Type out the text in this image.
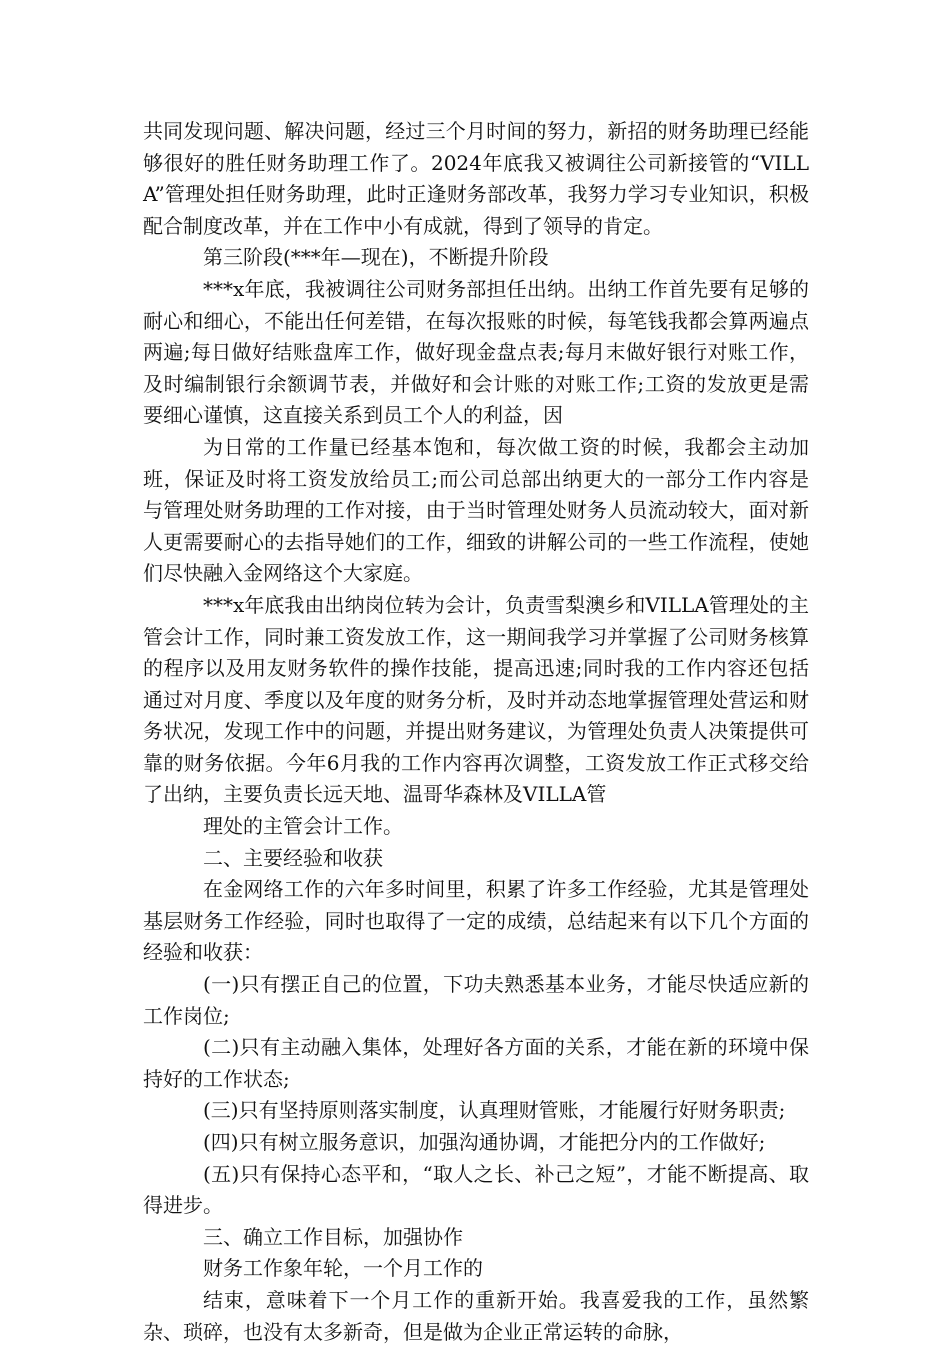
共同发现问题、解决问题，经过三个月时间的努力，新招的财务助理已经能够很好的胜任财务助理工作了。2024年底我又被调往公司新接管的“VILLA”管理处担任财务助理，此时正逢财务部改革，我努力学习专业知识，积极配合制度改革，并在工作中小有成就，得到了领导的肯定。

第三阶段(***年—现在)，不断提升阶段

***x年底，我被调往公司财务部担任出纳。出纳工作首先要有足够的耐心和细心，不能出任何差错，在每次报账的时候，每笔钱我都会算两遍点两遍;每日做好结账盘库工作，做好现金盘点表;每月末做好银行对账工作，及时编制银行余额调节表，并做好和会计账的对账工作;工资的发放更是需要细心谨慎，这直接关系到员工个人的利益，因

为日常的工作量已经基本饱和，每次做工资的时候，我都会主动加班，保证及时将工资发放给员工;而公司总部出纳更大的一部分工作内容是与管理处财务助理的工作对接，由于当时管理处财务人员流动较大，面对新人更需要耐心的去指导她们的工作，细致的讲解公司的一些工作流程，使她们尽快融入金网络这个大家庭。

***x年底我由出纳岗位转为会计，负责雪梨澳乡和VILLA管理处的主管会计工作，同时兼工资发放工作，这一期间我学习并掌握了公司财务核算的程序以及用友财务软件的操作技能，提高迅速;同时我的工作内容还包括通过对月度、季度以及年度的财务分析，及时并动态地掌握管理处营运和财务状况，发现工作中的问题，并提出财务建议，为管理处负责人决策提供可靠的财务依据。今年6月我的工作内容再次调整，工资发放工作正式移交给了出纳，主要负责长远天地、温哥华森林及VILLA管

理处的主管会计工作。

二、主要经验和收获

在金网络工作的六年多时间里，积累了许多工作经验，尤其是管理处基层财务工作经验，同时也取得了一定的成绩，总结起来有以下几个方面的经验和收获：

(一)只有摆正自己的位置，下功夫熟悉基本业务，才能尽快适应新的工作岗位;

(二)只有主动融入集体，处理好各方面的关系，才能在新的环境中保持好的工作状态;

(三)只有坚持原则落实制度，认真理财管账，才能履行好财务职责;

(四)只有树立服务意识，加强沟通协调，才能把分内的工作做好;

(五)只有保持心态平和，“取人之长、补己之短”，才能不断提高、取得进步。

三、确立工作目标，加强协作

财务工作象年轮，一个月工作的

结束，意味着下一个月工作的重新开始。我喜爱我的工作，虽然繁杂、琐碎，也没有太多新奇，但是做为企业正常运转的命脉，
